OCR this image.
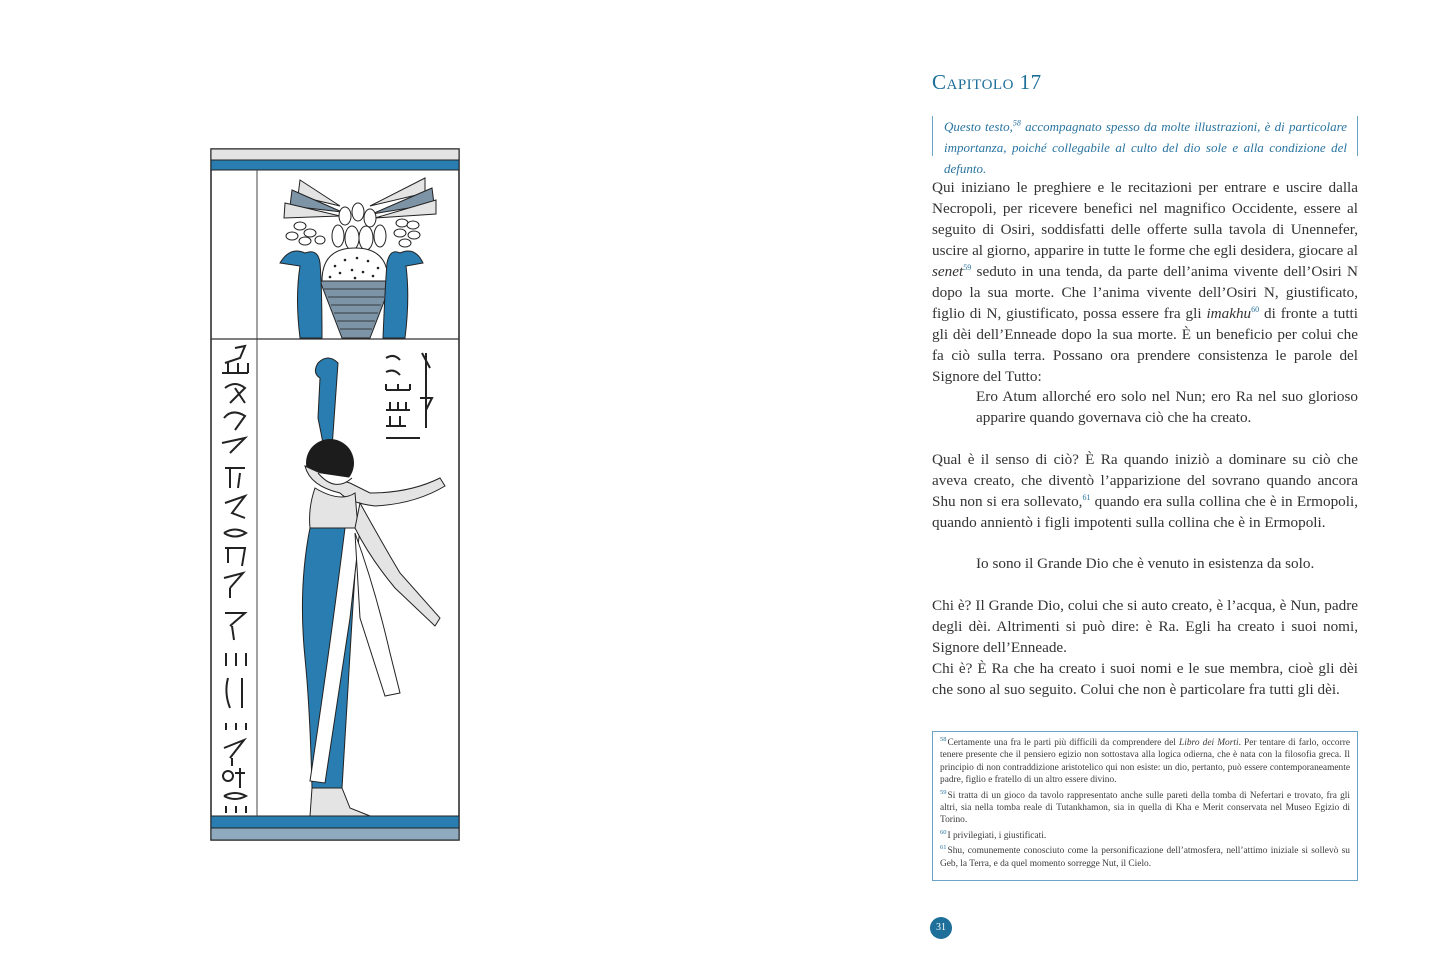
Capitolo 17
Questo testo,$^{58}$ accompagnato spesso da molte illustrazioni, è di particolare importanza, poiché collegabile al culto del dio sole e alla condizione del defunto.
Qui iniziano le preghiere e le recitazioni per entrare e uscire dalla Necropoli, per ricevere benefici nel magnifico Occidente, essere al seguito di Osiri, soddisfatti delle offerte sulla tavola di Unennefer, uscire al giorno, apparire in tutte le forme che egli desidera, giocare al senet$^{59}$ seduto in una tenda, da parte dell’anima vivente dell’Osiri N dopo la sua morte. Che l’anima vivente dell’Osiri N, giustificato, figlio di N, giustificato, possa essere fra gli imakhu$^{60}$ di fronte a tutti gli dèi dell’Enneade dopo la sua morte. È un beneficio per colui che fa ciò sulla terra. Possano ora prendere consistenza le parole del Signore del Tutto:
Ero Atum allorché ero solo nel Nun; ero Ra nel suo glorioso apparire quando governava ciò che ha creato.
Qual è il senso di ciò? È Ra quando iniziò a dominare su ciò che aveva creato, che diventò l’apparizione del sovrano quando ancora Shu non si era sollevato,$^{61}$ quando era sulla collina che è in Ermopoli, quando annientò i figli impotenti sulla collina che è in Ermopoli.
Io sono il Grande Dio che è venuto in esistenza da solo.
Chi è? Il Grande Dio, colui che si auto creato, è l’acqua, è Nun, padre degli dèi. Altrimenti si può dire: è Ra. Egli ha creato i suoi nomi, Signore dell’Enneade.
Chi è? È Ra che ha creato i suoi nomi e le sue membra, cioè gli dèi che sono al suo seguito. Colui che non è particolare fra tutti gli dèi.
$^{58}$Certamente una fra le parti più difficili da comprendere del Libro dei Morti. Per tentare di farlo, occorre tenere presente che il pensiero egizio non sottostava alla logica odierna, che è nata con la filosofia greca. Il principio di non contraddizione aristotelico qui non esiste: un dio, pertanto, può essere contemporaneamente padre, figlio e fratello di un altro essere divino.
$^{59}$Si tratta di un gioco da tavolo rappresentato anche sulle pareti della tomba di Nefertari e trovato, fra gli altri, sia nella tomba reale di Tutankhamon, sia in quella di Kha e Merit conservata nel Museo Egizio di Torino.
$^{60}$I privilegiati, i giustificati.
$^{61}$Shu, comunemente conosciuto come la personificazione dell’atmosfera, nell’attimo iniziale si sollevò su Geb, la Terra, e da quel momento sorregge Nut, il Cielo.
31
